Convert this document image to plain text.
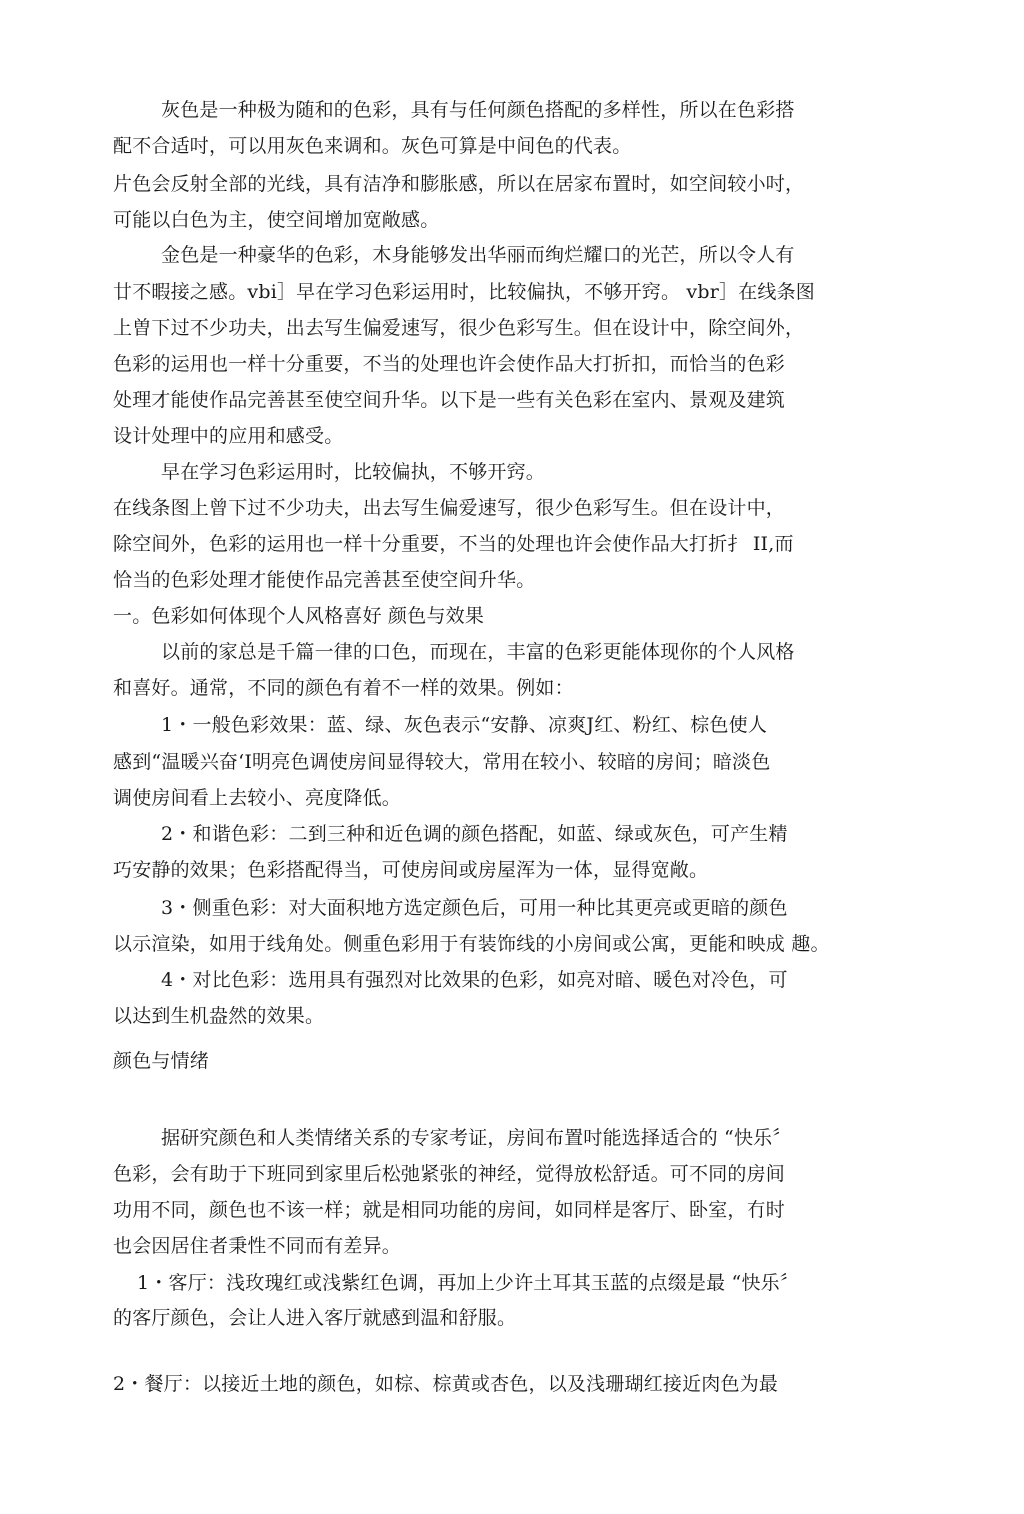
灰色是一种极为随和的色彩，具有与任何颜色搭配的多样性，所以在色彩搭
配不合适吋，可以用灰色来调和。灰色可算是中间色的代表。
片色会反射全部的光线，具有洁净和膨胀感，所以在居家布置时，如空间较小吋，
可能以白色为主，使空间增加宽敞感。
金色是一种豪华的色彩，木身能够发出华丽而绚烂耀口的光芒，所以令人有
廿不暇接之感。vbi］早在学习色彩运用时，比较偏执，不够开窍。 vbr］在线条图
上曽下过不少功夫，出去写生偏爱速写，很少色彩写生。但在设计中，除空间外，
色彩的运用也一样十分重要，不当的处理也许会使作品大打折扣，而恰当的色彩
处理才能使作品完善甚至使空间升华。以下是一些有关色彩在室内、景观及建筑
设计处理中的应用和感受。
早在学习色彩运用时，比较偏执，不够开窍。
在线条图上曾下过不少功夫，出去写生偏爱速写，很少色彩写生。但在设计中，
除空间外，色彩的运用也一样十分重要，不当的处理也许会使作品大打折扌 II,而
恰当的色彩处理才能使作品完善甚至使空间升华。
一。色彩如何体现个人风格喜好 颜色与效果
以前的家总是千篇一律的口色，而现在，丰富的色彩更能体现你的个人风格
和喜好。通常，不同的颜色有着不一样的效果。例如：
1・一般色彩效果：蓝、绿、灰色表示“安静、凉爽J红、粉红、棕色使人
感到“温暖兴奋‘I明亮色调使房间显得较大，常用在较小、较暗的房间；暗淡色
调使房间看上去较小、亮度降低。
2・和谐色彩：二到三种和近色调的颜色搭配，如蓝、绿或灰色，可产生精
巧安静的效果；色彩搭配得当，可使房间或房屋浑为一体，显得宽敞。
3・侧重色彩：对大面积地方选定颜色后，可用一种比其更亮或更暗的颜色
以示渲染，如用于线角处。侧重色彩用于有装饰线的小房间或公寓，更能和映成 趣。
4・对比色彩：选用具有强烈对比效果的色彩，如亮对暗、暖色对冷色，可
以达到生机盎然的效果。
颜色与情绪
据研究颜色和人类情绪关系的专家考证，房间布置吋能选择适合的 “快乐〞
色彩，会有助于下班同到家里后松弛紧张的神经，觉得放松舒适。可不同的房间
功用不同，颜色也不该一样；就是相同功能的房间，如同样是客厅、卧室，冇时
也会因居住者秉性不同而有差异。
1・客厅：浅玫瑰红或浅紫红色调，再加上少许土耳其玉蓝的点缀是最 “快乐〞
的客厅颜色，会让人进入客厅就感到温和舒服。
2・餐厅：以接近土地的颜色，如棕、棕黄或杏色，以及浅珊瑚红接近肉色为最
